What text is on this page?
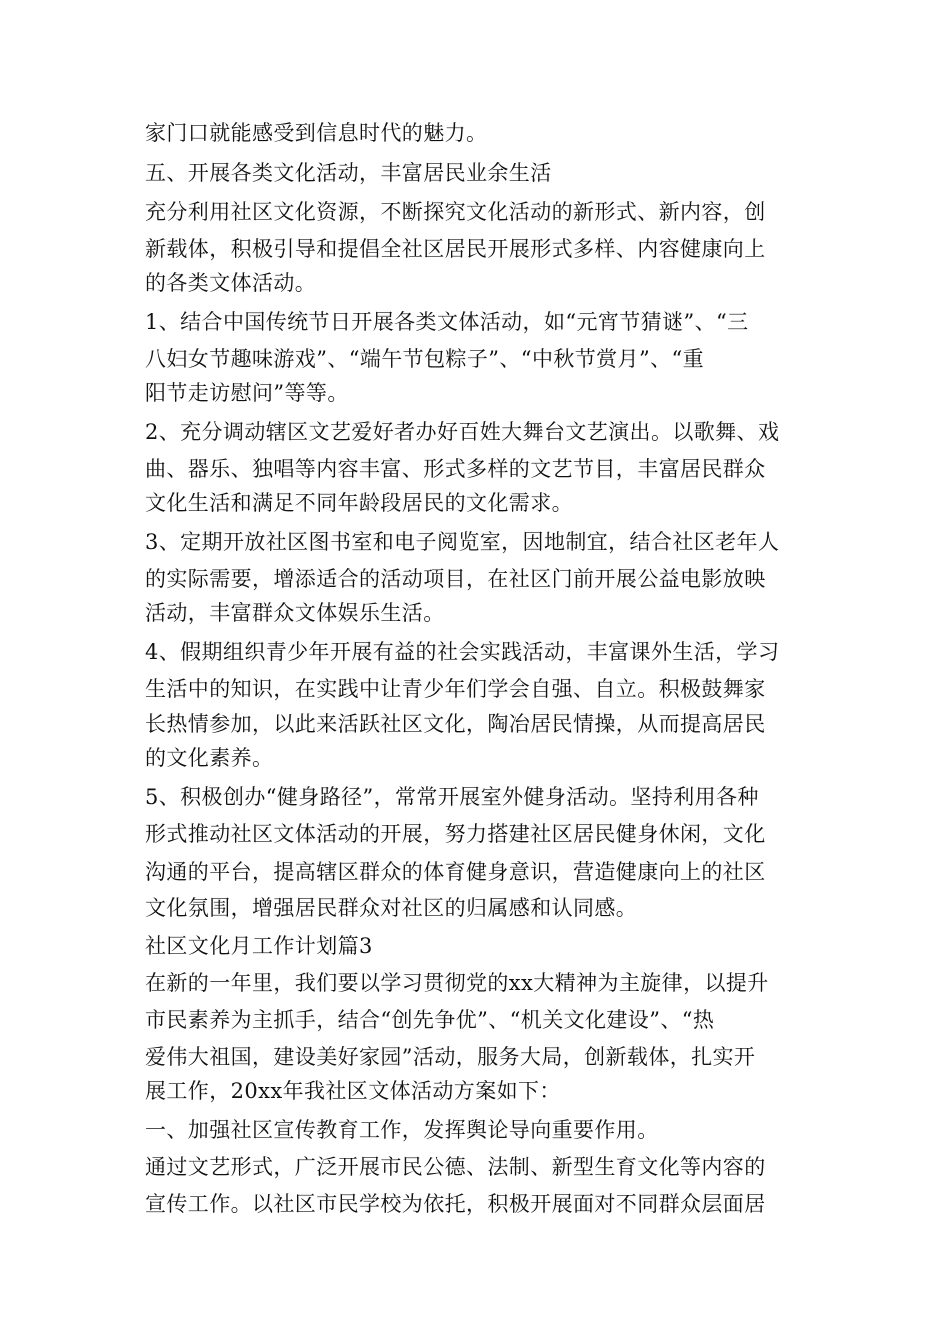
家门口就能感受到信息时代的魅力。

五、开展各类文化活动，丰富居民业余生活

充分利用社区文化资源，不断探究文化活动的新形式、新内容，创

新载体，积极引导和提倡全社区居民开展形式多样、内容健康向上

的各类文体活动。

1、结合中国传统节日开展各类文体活动，如“元宵节猜谜”、“三

八妇女节趣味游戏”、“端午节包粽子”、“中秋节赏月”、“重

阳节走访慰问”等等。

2、充分调动辖区文艺爱好者办好百姓大舞台文艺演出。以歌舞、戏

曲、器乐、独唱等内容丰富、形式多样的文艺节目，丰富居民群众

文化生活和满足不同年龄段居民的文化需求。

3、定期开放社区图书室和电子阅览室，因地制宜，结合社区老年人

的实际需要，增添适合的活动项目，在社区门前开展公益电影放映

活动，丰富群众文体娱乐生活。

4、假期组织青少年开展有益的社会实践活动，丰富课外生活，学习

生活中的知识，在实践中让青少年们学会自强、自立。积极鼓舞家

长热情参加，以此来活跃社区文化，陶冶居民情操，从而提高居民

的文化素养。

5、积极创办“健身路径”，常常开展室外健身活动。坚持利用各种

形式推动社区文体活动的开展，努力搭建社区居民健身休闲，文化

沟通的平台，提高辖区群众的体育健身意识，营造健康向上的社区

文化氛围，增强居民群众对社区的归属感和认同感。

社区文化月工作计划篇3

在新的一年里，我们要以学习贯彻党的xx大精神为主旋律，以提升

市民素养为主抓手，结合“创先争优”、“机关文化建设”、“热

爱伟大祖国，建设美好家园”活动，服务大局，创新载体，扎实开

展工作，20xx年我社区文体活动方案如下：

一、加强社区宣传教育工作，发挥舆论导向重要作用。

通过文艺形式，广泛开展市民公德、法制、新型生育文化等内容的

宣传工作。以社区市民学校为依托，积极开展面对不同群众层面居
